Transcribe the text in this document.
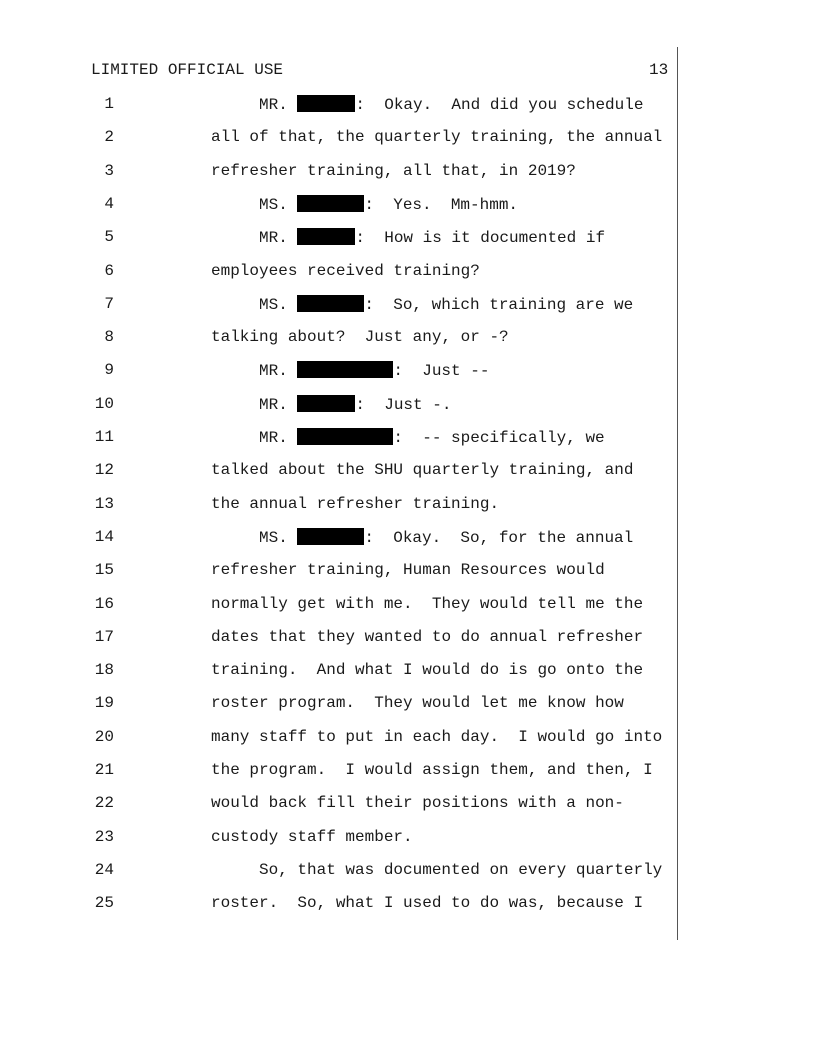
LIMITED OFFICIAL USE	13
1	MR.	:  Okay.  And did you schedule
2	all of that, the quarterly training, the annual
3	refresher training, all that, in 2019?
4	MS.	:  Yes.  Mm-hmm.
5	MR.	:  How is it documented if
6	employees received training?
7	MS.	:  So, which training are we
8	talking about?  Just any, or -?
9	MR.	:  Just --
10	MR.	:  Just -.
11	MR.	:  -- specifically, we
12	talked about the SHU quarterly training, and
13	the annual refresher training.
14	MS.	:  Okay.  So, for the annual
15	refresher training, Human Resources would
16	normally get with me.  They would tell me the
17	dates that they wanted to do annual refresher
18	training.  And what I would do is go onto the
19	roster program.  They would let me know how
20	many staff to put in each day.  I would go into
21	the program.  I would assign them, and then, I
22	would back fill their positions with a non-
23	custody staff member.
24	So, that was documented on every quarterly
25	roster.  So, what I used to do was, because I
